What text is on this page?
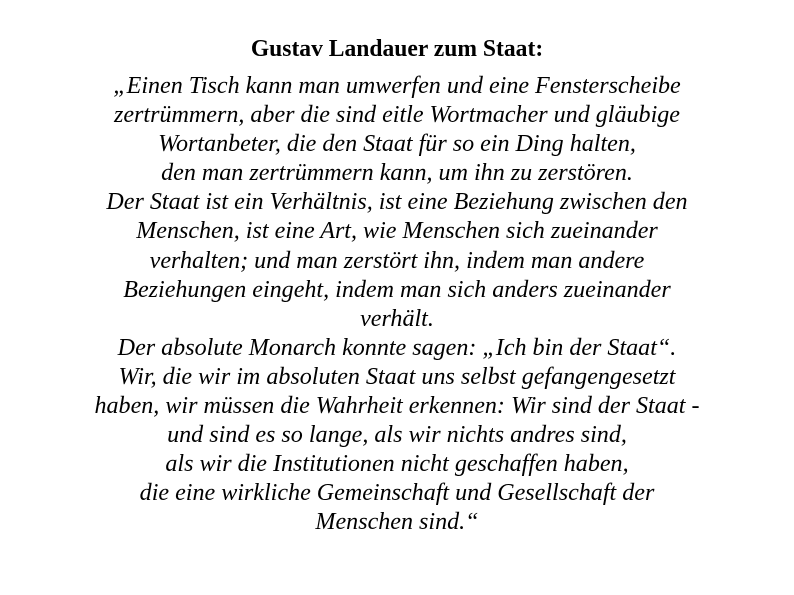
Gustav Landauer zum Staat:
„Einen Tisch kann man umwerfen und eine Fensterscheibe
zertrümmern, aber die sind eitle Wortmacher und gläubige
Wortanbeter, die den Staat für so ein Ding halten,
den man zertrümmern kann, um ihn zu zerstören.
Der Staat ist ein Verhältnis, ist eine Beziehung zwischen den
Menschen, ist eine Art, wie Menschen sich zueinander
verhalten; und man zerstört ihn, indem man andere
Beziehungen eingeht, indem man sich anders zueinander
verhält.
Der absolute Monarch konnte sagen: „Ich bin der Staat“.
Wir, die wir im absoluten Staat uns selbst gefangengesetzt
haben, wir müssen die Wahrheit erkennen: Wir sind der Staat -
und sind es so lange, als wir nichts andres sind,
als wir die Institutionen nicht geschaffen haben,
die eine wirkliche Gemeinschaft und Gesellschaft der
Menschen sind.“
